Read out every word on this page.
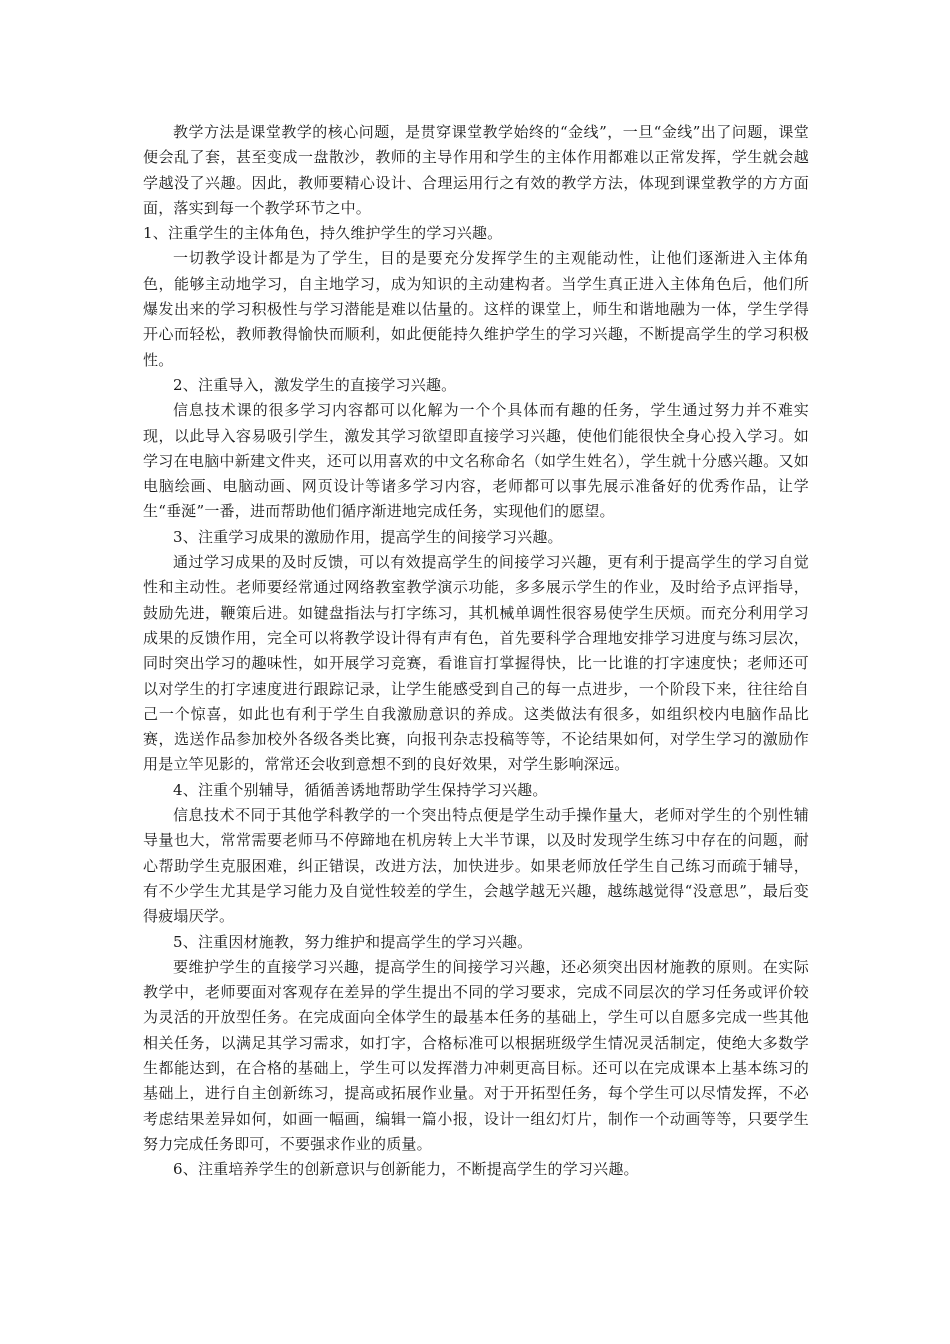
教学方法是课堂教学的核心问题，是贯穿课堂教学始终的“金线”，一旦“金线”出了问题，课堂便会乱了套，甚至变成一盘散沙，教师的主导作用和学生的主体作用都难以正常发挥，学生就会越学越没了兴趣。因此，教师要精心设计、合理运用行之有效的教学方法，体现到课堂教学的方方面面，落实到每一个教学环节之中。

1、注重学生的主体角色，持久维护学生的学习兴趣。

一切教学设计都是为了学生，目的是要充分发挥学生的主观能动性，让他们逐渐进入主体角色，能够主动地学习，自主地学习，成为知识的主动建构者。当学生真正进入主体角色后，他们所爆发出来的学习积极性与学习潜能是难以估量的。这样的课堂上，师生和谐地融为一体，学生学得开心而轻松，教师教得愉快而顺利，如此便能持久维护学生的学习兴趣，不断提高学生的学习积极性。

2、注重导入，激发学生的直接学习兴趣。

信息技术课的很多学习内容都可以化解为一个个具体而有趣的任务，学生通过努力并不难实现，以此导入容易吸引学生，激发其学习欲望即直接学习兴趣，使他们能很快全身心投入学习。如学习在电脑中新建文件夹，还可以用喜欢的中文名称命名（如学生姓名），学生就十分感兴趣。又如电脑绘画、电脑动画、网页设计等诸多学习内容，老师都可以事先展示准备好的优秀作品，让学生“垂涎”一番，进而帮助他们循序渐进地完成任务，实现他们的愿望。

3、注重学习成果的激励作用，提高学生的间接学习兴趣。

通过学习成果的及时反馈，可以有效提高学生的间接学习兴趣，更有利于提高学生的学习自觉性和主动性。老师要经常通过网络教室教学演示功能，多多展示学生的作业，及时给予点评指导，鼓励先进，鞭策后进。如键盘指法与打字练习，其机械单调性很容易使学生厌烦。而充分利用学习成果的反馈作用，完全可以将教学设计得有声有色，首先要科学合理地安排学习进度与练习层次，同时突出学习的趣味性，如开展学习竞赛，看谁盲打掌握得快，比一比谁的打字速度快；老师还可以对学生的打字速度进行跟踪记录，让学生能感受到自己的每一点进步，一个阶段下来，往往给自己一个惊喜，如此也有利于学生自我激励意识的养成。这类做法有很多，如组织校内电脑作品比赛，选送作品参加校外各级各类比赛，向报刊杂志投稿等等，不论结果如何，对学生学习的激励作用是立竿见影的，常常还会收到意想不到的良好效果，对学生影响深远。

4、注重个别辅导，循循善诱地帮助学生保持学习兴趣。

信息技术不同于其他学科教学的一个突出特点便是学生动手操作量大，老师对学生的个别性辅导量也大，常常需要老师马不停蹄地在机房转上大半节课，以及时发现学生练习中存在的问题，耐心帮助学生克服困难，纠正错误，改进方法，加快进步。如果老师放任学生自己练习而疏于辅导，有不少学生尤其是学习能力及自觉性较差的学生，会越学越无兴趣，越练越觉得“没意思”，最后变得疲塌厌学。

5、注重因材施教，努力维护和提高学生的学习兴趣。

要维护学生的直接学习兴趣，提高学生的间接学习兴趣，还必须突出因材施教的原则。在实际教学中，老师要面对客观存在差异的学生提出不同的学习要求，完成不同层次的学习任务或评价较为灵活的开放型任务。在完成面向全体学生的最基本任务的基础上，学生可以自愿多完成一些其他相关任务，以满足其学习需求，如打字，合格标准可以根据班级学生情况灵活制定，使绝大多数学生都能达到，在合格的基础上，学生可以发挥潜力冲刺更高目标。还可以在完成课本上基本练习的基础上，进行自主创新练习，提高或拓展作业量。对于开拓型任务，每个学生可以尽情发挥，不必考虑结果差异如何，如画一幅画，编辑一篇小报，设计一组幻灯片，制作一个动画等等，只要学生努力完成任务即可，不要强求作业的质量。

6、注重培养学生的创新意识与创新能力，不断提高学生的学习兴趣。
